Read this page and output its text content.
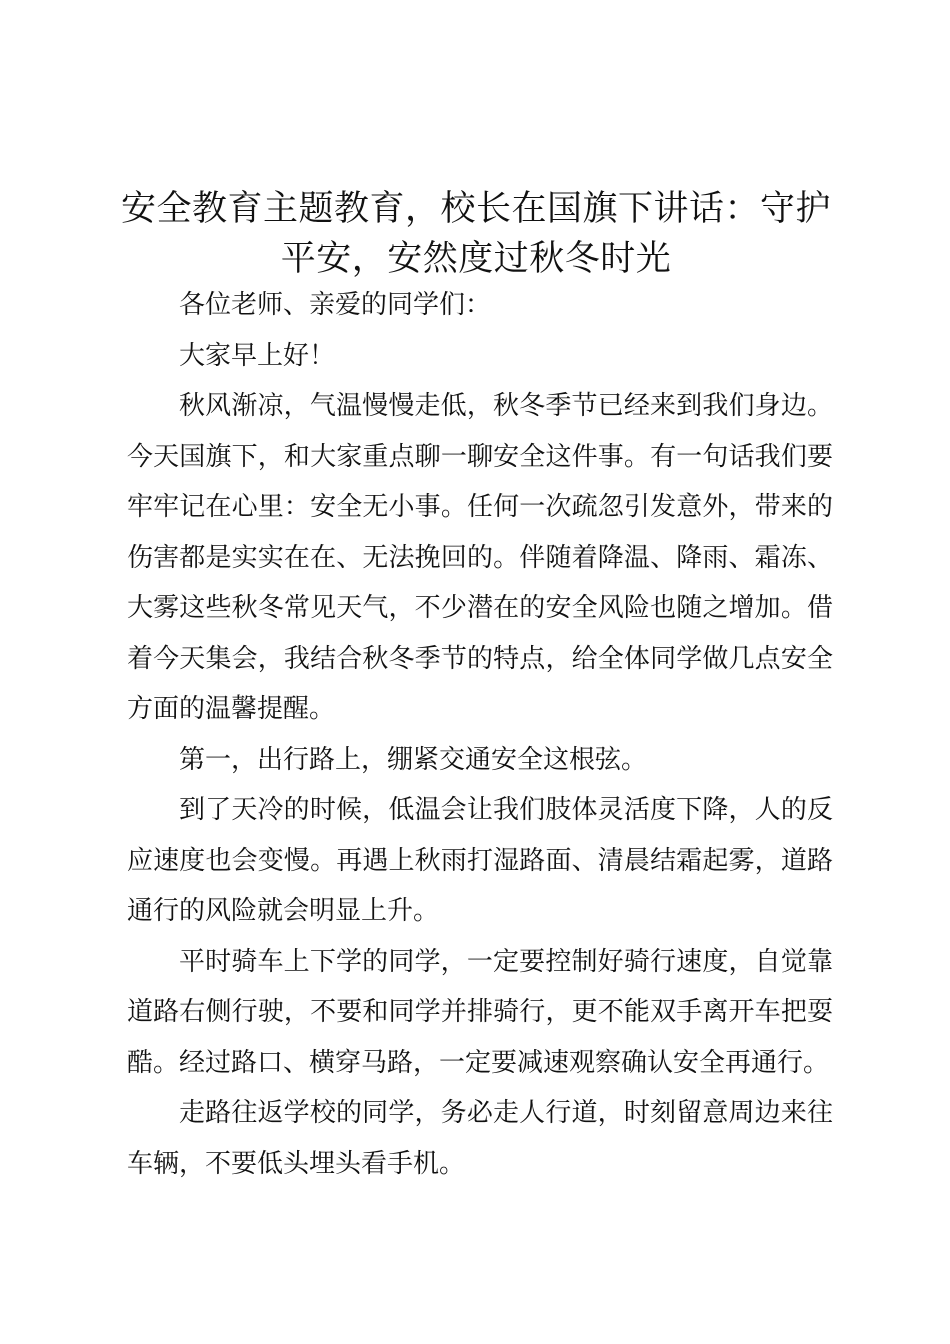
安全教育主题教育，校长在国旗下讲话：守护平安，安然度过秋冬时光

各位老师、亲爱的同学们：

大家早上好！

秋风渐凉，气温慢慢走低，秋冬季节已经来到我们身边。今天国旗下，和大家重点聊一聊安全这件事。有一句话我们要牢牢记在心里：安全无小事。任何一次疏忽引发意外，带来的伤害都是实实在在、无法挽回的。伴随着降温、降雨、霜冻、大雾这些秋冬常见天气，不少潜在的安全风险也随之增加。借着今天集会，我结合秋冬季节的特点，给全体同学做几点安全方面的温馨提醒。

第一，出行路上，绷紧交通安全这根弦。

到了天冷的时候，低温会让我们肢体灵活度下降，人的反应速度也会变慢。再遇上秋雨打湿路面、清晨结霜起雾，道路通行的风险就会明显上升。

平时骑车上下学的同学，一定要控制好骑行速度，自觉靠道路右侧行驶，不要和同学并排骑行，更不能双手离开车把耍酷。经过路口、横穿马路，一定要减速观察确认安全再通行。

走路往返学校的同学，务必走人行道，时刻留意周边来往车辆，不要低头埋头看手机。
